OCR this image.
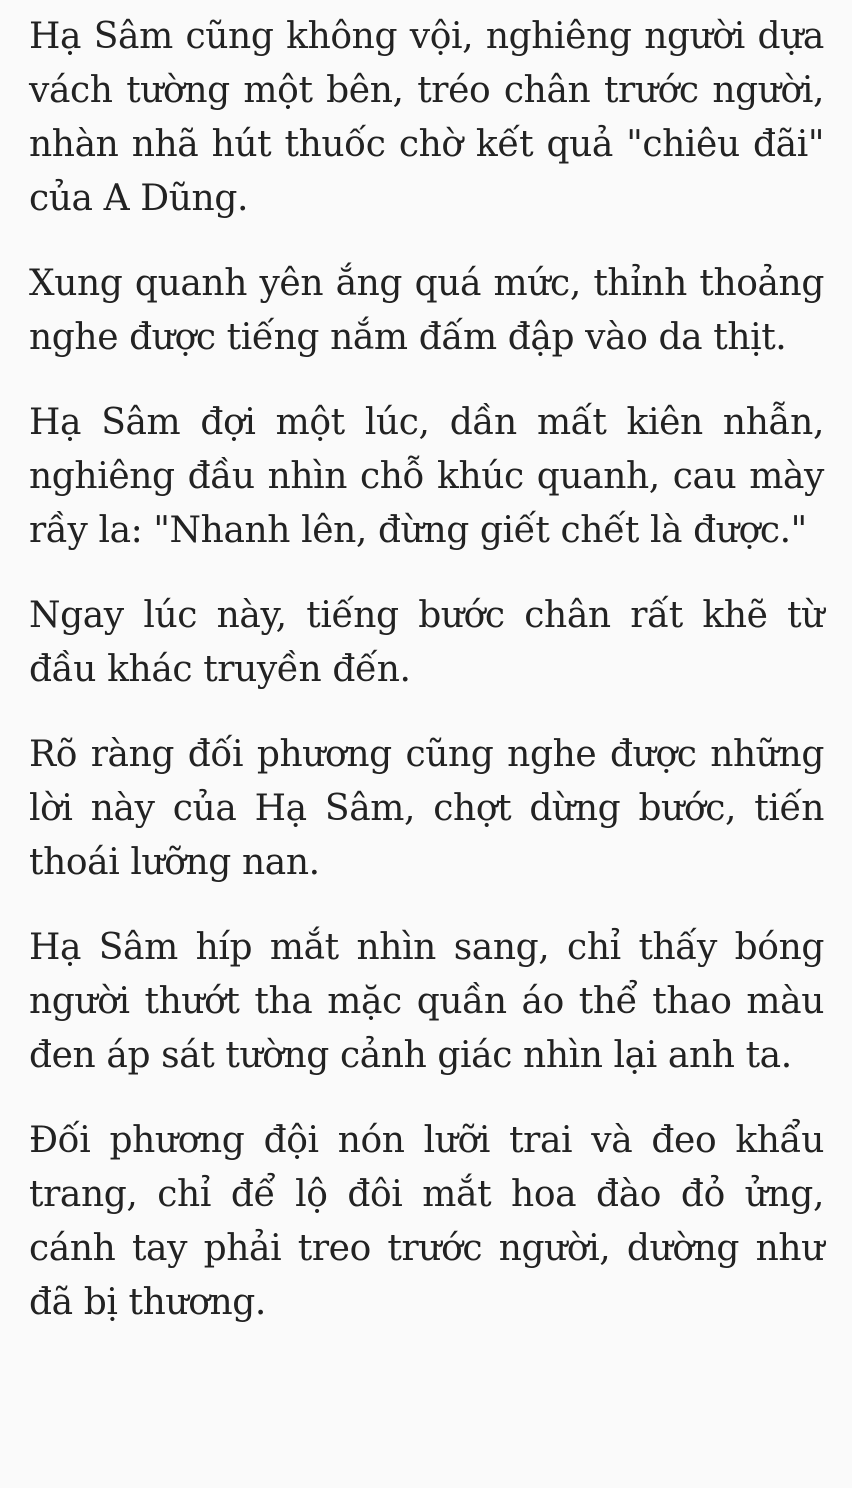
Hạ Sâm cũng không vội, nghiêng người dựa vách tường một bên, tréo chân trước người, nhàn nhã hút thuốc chờ kết quả "chiêu đãi" của A Dũng.

Xung quanh yên ắng quá mức, thỉnh thoảng nghe được tiếng nắm đấm đập vào da thịt.

Hạ Sâm đợi một lúc, dần mất kiên nhẫn, nghiêng đầu nhìn chỗ khúc quanh, cau mày rầy la: "Nhanh lên, đừng giết chết là được."

Ngay lúc này, tiếng bước chân rất khẽ từ đầu khác truyền đến.

Rõ ràng đối phương cũng nghe được những lời này của Hạ Sâm, chợt dừng bước, tiến thoái lưỡng nan.

Hạ Sâm híp mắt nhìn sang, chỉ thấy bóng người thướt tha mặc quần áo thể thao màu đen áp sát tường cảnh giác nhìn lại anh ta.

Đối phương đội nón lưỡi trai và đeo khẩu trang, chỉ để lộ đôi mắt hoa đào đỏ ửng, cánh tay phải treo trước người, dường như đã bị thương.
